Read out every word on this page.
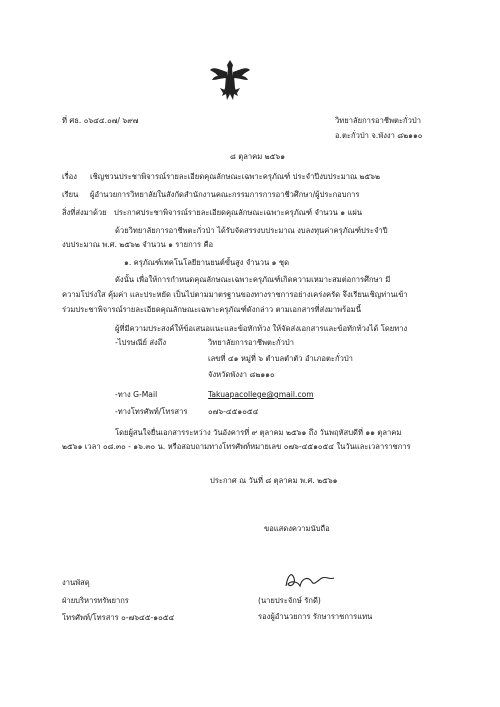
ที่ ศธ. ๐๖๔๔.๐๗/ ๖๙๗	วิทยาลัยการอาชีพตะกั่วป่า
อ.ตะกั่วป่า จ.พังงา ๘๒๑๑๐
๘ ตุลาคม ๒๕๖๑
เรื่อง เชิญชวนประชาพิจารณ์รายละเอียดคุณลักษณะเฉพาะครุภัณฑ์ ประจำปีงบประมาณ ๒๕๖๒
เรียน ผู้อำนวยการวิทยาลัยในสังกัดสำนักงานคณะกรรมการการอาชีวศึกษา/ผู้ประกอบการ
สิ่งที่ส่งมาด้วย ประกาศประชาพิจารณ์รายละเอียดคุณลักษณะเฉพาะครุภัณฑ์ จำนวน ๑ แผ่น
ด้วยวิทยาลัยการอาชีพตะกั่วป่า ได้รับจัดสรรงบประมาณ งบลงทุนค่าครุภัณฑ์ประจำปี
งบประมาณ พ.ศ. ๒๕๖๒ จำนวน ๑ รายการ คือ
๑. ครุภัณฑ์เทคโนโลยียานยนต์ขั้นสูง จำนวน ๑ ชุด
ดังนั้น เพื่อให้การกำหนดคุณลักษณะเฉพาะครุภัณฑ์เกิดความเหมาะสมต่อการศึกษา มี
ความโปร่งใส คุ้มค่า และประหยัด เป็นไปตามมาตรฐานของทางราชการอย่างเคร่งครัด จึงเรียนเชิญท่านเข้า
ร่วมประชาพิจารณ์รายละเอียดคุณลักษณะเฉพาะครุภัณฑ์ดังกล่าว ตามเอกสารที่ส่งมาพร้อมนี้
ผู้ที่มีความประสงค์ให้ข้อเสนอแนะและข้อทักท้วง ให้จัดส่งเอกสารและข้อทักท้วงได้ โดยทาง
-ไปรษณีย์ ส่งถึง	วิทยาลัยการอาชีพตะกั่วป่า
เลขที่ ๔๑ หมู่ที่ ๖ ตำบลตำตัว อำเภอตะกั่วป่า
จังหวัดพังงา ๘๒๑๑๐
-ทาง G-Mail	Takuapacollege@gmail.com
-ทางโทรศัพท์/โทรสาร	๐๗๖-๔๕๑๐๕๔
โดยผู้สนใจยื่นเอกสารระหว่าง วันอังคารที่ ๙ ตุลาคม ๒๕๖๑ ถึง วันพฤหัสบดีที่ ๑๑ ตุลาคม
๒๕๖๑ เวลา ๐๘.๓๐ - ๑๖.๓๐ น. หรือสอบถามทางโทรศัพท์หมายเลข ๐๗๖-๔๕๑๐๕๔ ในวันและเวลาราชการ
ประกาศ ณ วันที่ ๘ ตุลาคม พ.ศ. ๒๕๖๑
ขอแสดงความนับถือ
(นายประจักษ์ รักดี)
รองผู้อำนวยการ รักษาราชการแทน
งานพัสดุ
ฝ่ายบริหารทรัพยากร
โทรศัพท์/โทรสาร ๐-๗๖๔๕-๑๐๕๔
